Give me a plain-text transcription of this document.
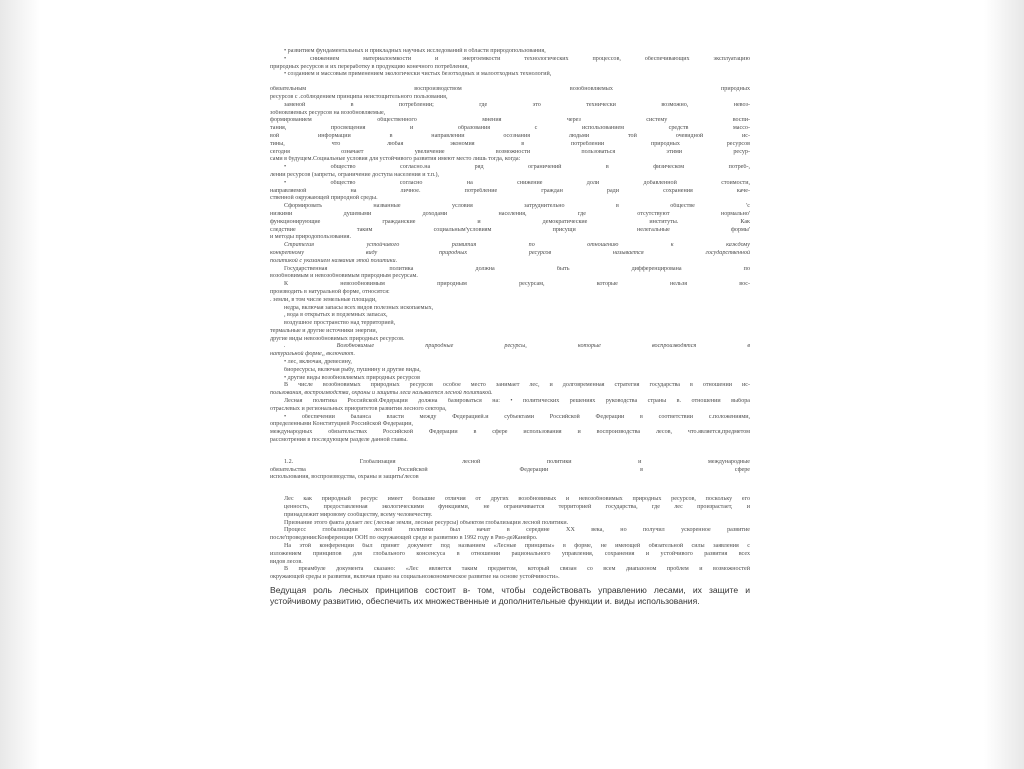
• развитием фундаментальных и прикладных научных исследований в области природопользования,

• снижением материалоемкости и энергоемкости технологических процессов, обеспечивающих эксплуатацию

природных ресурсов и их переработку в продукцию конечного потребления,

• созданием и массовым применением экологически чистых безотходных и малоотходных технологий,

обязательным воспроизводством возобновляемых природных

ресурсов с .соблюдением принципа неистощительного пользования,

заменой в потреблении; где это технически возможно, невоз-

зобновляемых ресурсов на возобновляемые,

формированием общественного мнения через систему воспи-

тания, просвещения и образования с использованием средств массо-

вой информации в направлении осознания людьми той очевидной ис-

тины, что любая экономия в потреблении природных ресурсов

сегодня означает увеличение возможности пользоваться этими ресур-

сами в будущем.Социальные условия для устойчивого развития имеют место лишь тогда, когда:

• общество согласно.на ряд ограничений в физическом потреб-,

лении ресурсов (запреты, ограничение доступа населения и т.п.),

• общество согласно на снижение доли добавленной стоимости,

направляемой на личное. потребление граждан ради сохранения каче-

ственной окружающей природной среды.

Сформировать названные условия затруднительно в обществе 'с

низкими душевыми доходами населения, где отсутствуют нормально'

функционирующие гражданские и демократические институты. Как

следствие таким социальным'условиям присущи нелегальные формы'

и методы природопользования.

Стратегия устойчивого развития по отношению к каждому

конкретному виду природных ресурсов называется государственной

политикой с указанием названия этой политики.

Государственная политика должна быть дифференцирована по

возобновимым и невозобновимым природным ресурсам.

К невозобновимым природным ресурсам, которые нельзя вос-

производить в натуральной форме, относятся:

. земли, в том числе земельные площади,

недра, включая запасы всех видов полезных ископаемых,

, вода в открытых и подземных запасах,

воздушное пространство над территорией,

термальные и другие источники энергии,

другие виды невозобновимых природных ресурсов.

. Возобновимые природные ресурсы, которые воспроизводятся в

натуральной форме,, включают.

• лес, включая, древесину,

биоресурсы, включая рыбу, пушнину и другие виды,

• другие виды возобновляемых природных ресурсов

В числе возобновимых природных ресурсов особое место занимает лес, и долговременная стратегия государства в отношении ис-

пользования, воспроизводства, охраны и защиты леса называется лесной политикой.

Лесная политика Российской.Федерации должна базироваться на: • политических решениях руководства страны в. отношении выбора

отраслевых и региональных приоритетов развития лесного сектора,

• обеспечении баланса власти между Федерацией.и субъектами Российской Федерации в соответствии с.положениями,

определенными Конституцией Российской Федерации,

международных обязательствах Российской Федерации в сфере использования и воспроизводства лесов, что.является,предметом

рассмотрения в последующем разделе данной главы.

1.2. Глобализация лесной политики и международные

обязательства Российской Федерации в сфере

использования, воспроизводства, охраны и защиты'лесов

Лес как природный ресурс имеет большие отличия от других возобновимых и невозобновимых природных ресурсов, поскольку его

ценность, предоставленная экологическими функциями, не ограничивается территорией государства, где лес произрастает, и

принадлежит мировому сообществу, всему человечеству.

Признание этого факта делает лес (лесные земли, лесные ресурсы) объектом глобализации лесной политики.

Процесс глобализации лесной политики был начат в середине XX века, но получил ускоренное развитие

после'проведения:Конференции ООН по окружающей среде и развитию в 1992 году в Рио-деЖанейро.

На этой конференции был принят документ под названием «Лесные принципы» в форме, не имеющей обязательной силы заявления с

изложением принципов для глобального консенсуса в отношении рационального управления, сохранения и устойчивого развития всех

видов лесов.

В преамбуле документа сказано: «Лес является таким предметом, который связан со всем диапазоном проблем и возможностей

окружающей среды и развития, включая право на социальноэкономическое развитие на основе устойчивости».

Ведущая роль лесных принципов состоит в- том, чтобы содействовать управлению лесами, их защите и

устойчивому развитию, обеспечить их множественные и дополнительные функции и. виды использования.
